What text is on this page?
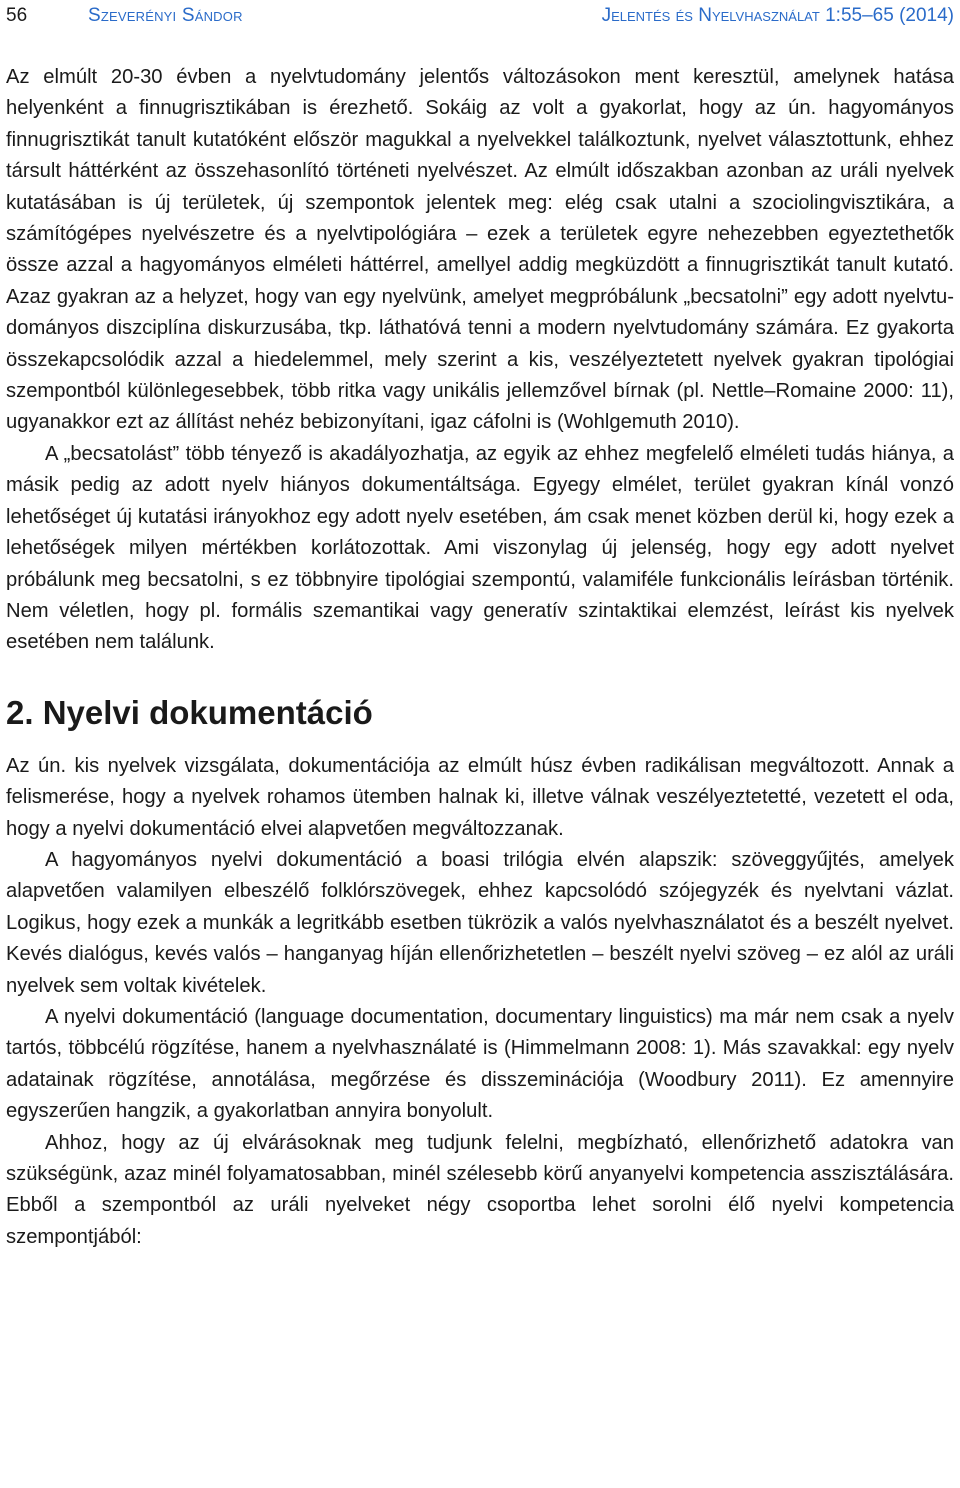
56	Szeverényi Sándor	Jelentés és Nyelvhasználat 1:55–65 (2014)

Az elmúlt 20-30 évben a nyelvtudomány jelentős változásokon ment keresztül, amelynek hatása helyenként a finnugrisztikában is érezhető. Sokáig az volt a gyakorlat, hogy az ún. hagyományos finnugrisztikát tanult kutatóként először magukkal a nyelvekkel találkoztunk, nyelvet választottunk, ehhez társult háttérként az összehasonlító történeti nyelvészet. Az elmúlt időszakban azonban az uráli nyelvek kutatásában is új területek, új szempontok jelentek meg: elég csak utalni a szociolingvisztikára, a számítógépes nyelvészetre és a nyelvtipológiára – ezek a területek egyre nehezebben egyeztethetők össze azzal a hagyományos elméleti háttérrel, amellyel addig megküzdött a finnugrisztikát tanult kutató. Azaz gyakran az a helyzet, hogy van egy nyelvünk, amelyet megpróbálunk „becsatolni” egy adott nyelvtudományos diszciplína diskurzusába, tkp. láthatóvá tenni a modern nyelvtudomány számára. Ez gyakorta összekapcsolódik azzal a hiedelemmel, mely szerint a kis, veszélyeztetett nyelvek gyakran tipológiai szempontból különlegesebbek, több ritka vagy unikális jellemzővel bírnak (pl. Nettle–Romaine 2000: 11), ugyanakkor ezt az állítást nehéz bebizonyítani, igaz cáfolni is (Wohlgemuth 2010).

A „becsatolást” több tényező is akadályozhatja, az egyik az ehhez megfelelő elméleti tudás hiánya, a másik pedig az adott nyelv hiányos dokumentáltsága. Egyegy elmélet, terület gyakran kínál vonzó lehetőséget új kutatási irányokhoz egy adott nyelv esetében, ám csak menet közben derül ki, hogy ezek a lehetőségek milyen mértékben korlátozottak. Ami viszonylag új jelenség, hogy egy adott nyelvet próbálunk meg becsatolni, s ez többnyire tipológiai szempontú, valamiféle funkcionális leírásban történik. Nem véletlen, hogy pl. formális szemantikai vagy generatív szintaktikai elemzést, leírást kis nyelvek esetében nem találunk.

2. Nyelvi dokumentáció

Az ún. kis nyelvek vizsgálata, dokumentációja az elmúlt húsz évben radikálisan megváltozott. Annak a felismerése, hogy a nyelvek rohamos ütemben halnak ki, illetve válnak veszélyeztetetté, vezetett el oda, hogy a nyelvi dokumentáció elvei alapvetően megváltozzanak.

A hagyományos nyelvi dokumentáció a boasi trilógia elvén alapszik: szöveggyűjtés, amelyek alapvetően valamilyen elbeszélő folklórszövegek, ehhez kapcsolódó szójegyzék és nyelvtani vázlat. Logikus, hogy ezek a munkák a legritkább esetben tükrözik a valós nyelvhasználatot és a beszélt nyelvet. Kevés dialógus, kevés valós – hanganyag híján ellenőrizhetetlen – beszélt nyelvi szöveg – ez alól az uráli nyelvek sem voltak kivételek.

A nyelvi dokumentáció (language documentation, documentary linguistics) ma már nem csak a nyelv tartós, többcélú rögzítése, hanem a nyelvhasználaté is (Himmelmann 2008: 1). Más szavakkal: egy nyelv adatainak rögzítése, annotálása, megőrzése és disszeminációja (Woodbury 2011). Ez amennyire egyszerűen hangzik, a gyakorlatban annyira bonyolult.

Ahhoz, hogy az új elvárásoknak meg tudjunk felelni, megbízható, ellenőrizhető adatokra van szükségünk, azaz minél folyamatosabban, minél szélesebb körű anyanyelvi kompetencia asszisztálására. Ebből a szempontból az uráli nyelveket négy csoportba lehet sorolni élő nyelvi kompetencia szempontjából:
